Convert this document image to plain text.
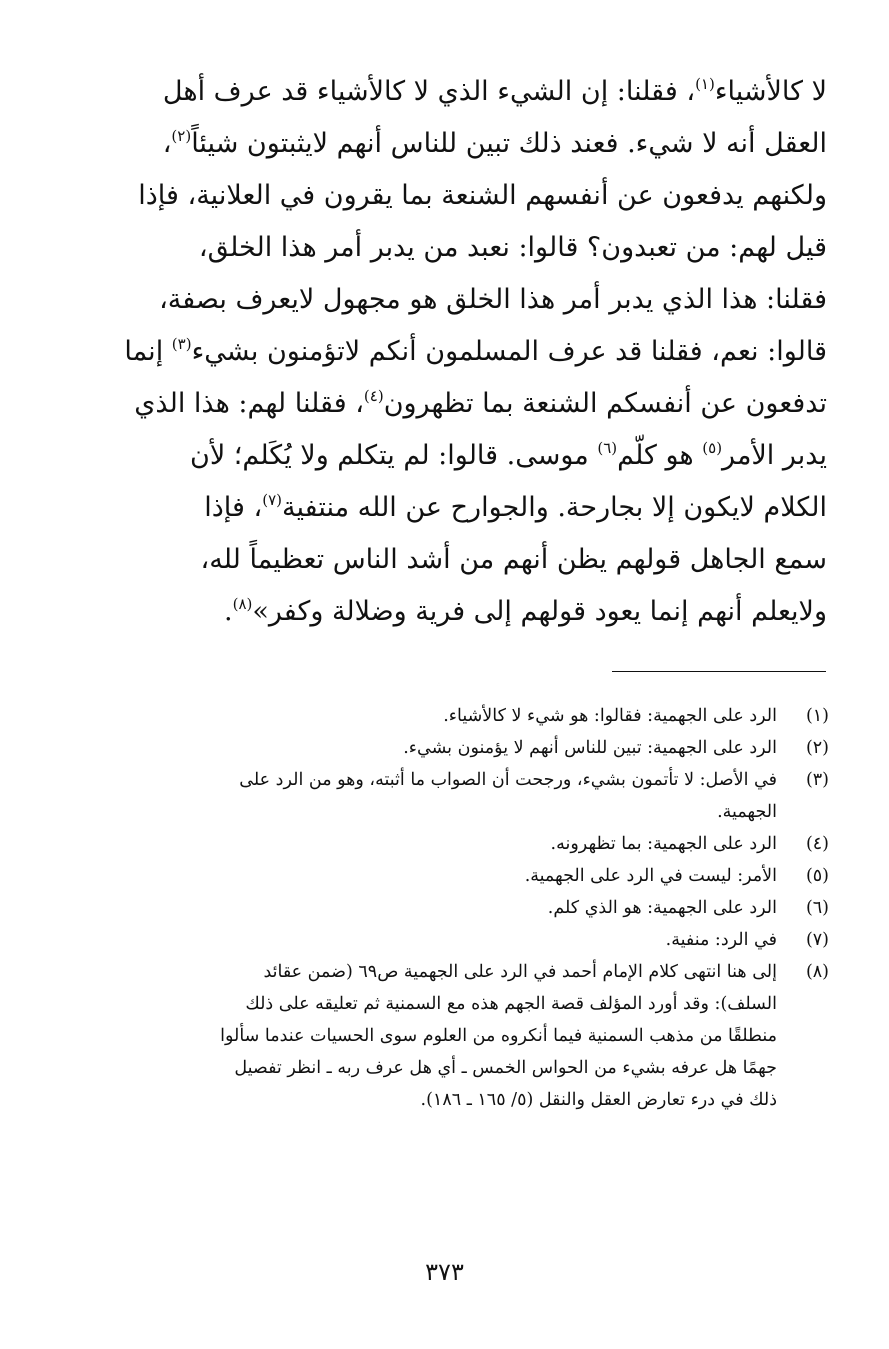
لا كالأشياء$^{(١)}$، فقلنا: إن الشيء الذي لا كالأشياء قد عرف أهل
العقل أنه لا شيء. فعند ذلك تبين للناس أنهم لايثبتون شيئاً$^{(٢)}$،
ولكنهم يدفعون عن أنفسهم الشنعة بما يقرون في العلانية، فإذا
قيل لهم: من تعبدون؟ قالوا: نعبد من يدبر أمر هذا الخلق،
فقلنا: هذا الذي يدبر أمر هذا الخلق هو مجهول لايعرف بصفة،
قالوا: نعم، فقلنا قد عرف المسلمون أنكم لاتؤمنون بشيء$^{(٣)}$ إنما
تدفعون عن أنفسكم الشنعة بما تظهرون$^{(٤)}$، فقلنا لهم: هذا الذي
يدبر الأمر$^{(٥)}$ هو كلّم$^{(٦)}$ موسى. قالوا: لم يتكلم ولا يُكَلم؛ لأن
الكلام لايكون إلا بجارحة. والجوارح عن الله منتفية$^{(٧)}$، فإذا
سمع الجاهل قولهم يظن أنهم من أشد الناس تعظيماً لله،
ولايعلم أنهم إنما يعود قولهم إلى فرية وضلالة وكفر»$^{(٨)}$.
(١)
الرد على الجهمية: فقالوا: هو شيء لا كالأشياء.
(٢)
الرد على الجهمية: تبين للناس أنهم لا يؤمنون بشيء.
(٣)
في الأصل: لا تأتمون بشيء، ورجحت أن الصواب ما أثبته، وهو من الرد على
الجهمية.
(٤)
الرد على الجهمية: بما تظهرونه.
(٥)
الأمر: ليست في الرد على الجهمية.
(٦)
الرد على الجهمية: هو الذي كلم.
(٧)
في الرد: منفية.
(٨)
إلى هنا انتهى كلام الإمام أحمد في الرد على الجهمية ص٦٩ (ضمن عقائد
السلف): وقد أورد المؤلف قصة الجهم هذه مع السمنية ثم تعليقه على ذلك
منطلقًا من مذهب السمنية فيما أنكروه من العلوم سوى الحسيات عندما سألوا
جهمًا هل عرفه بشيء من الحواس الخمس ـ أي هل عرف ربه ـ انظر تفصيل
ذلك في درء تعارض العقل والنقل (٥/ ١٦٥ ـ ١٨٦).
٣٧٣
